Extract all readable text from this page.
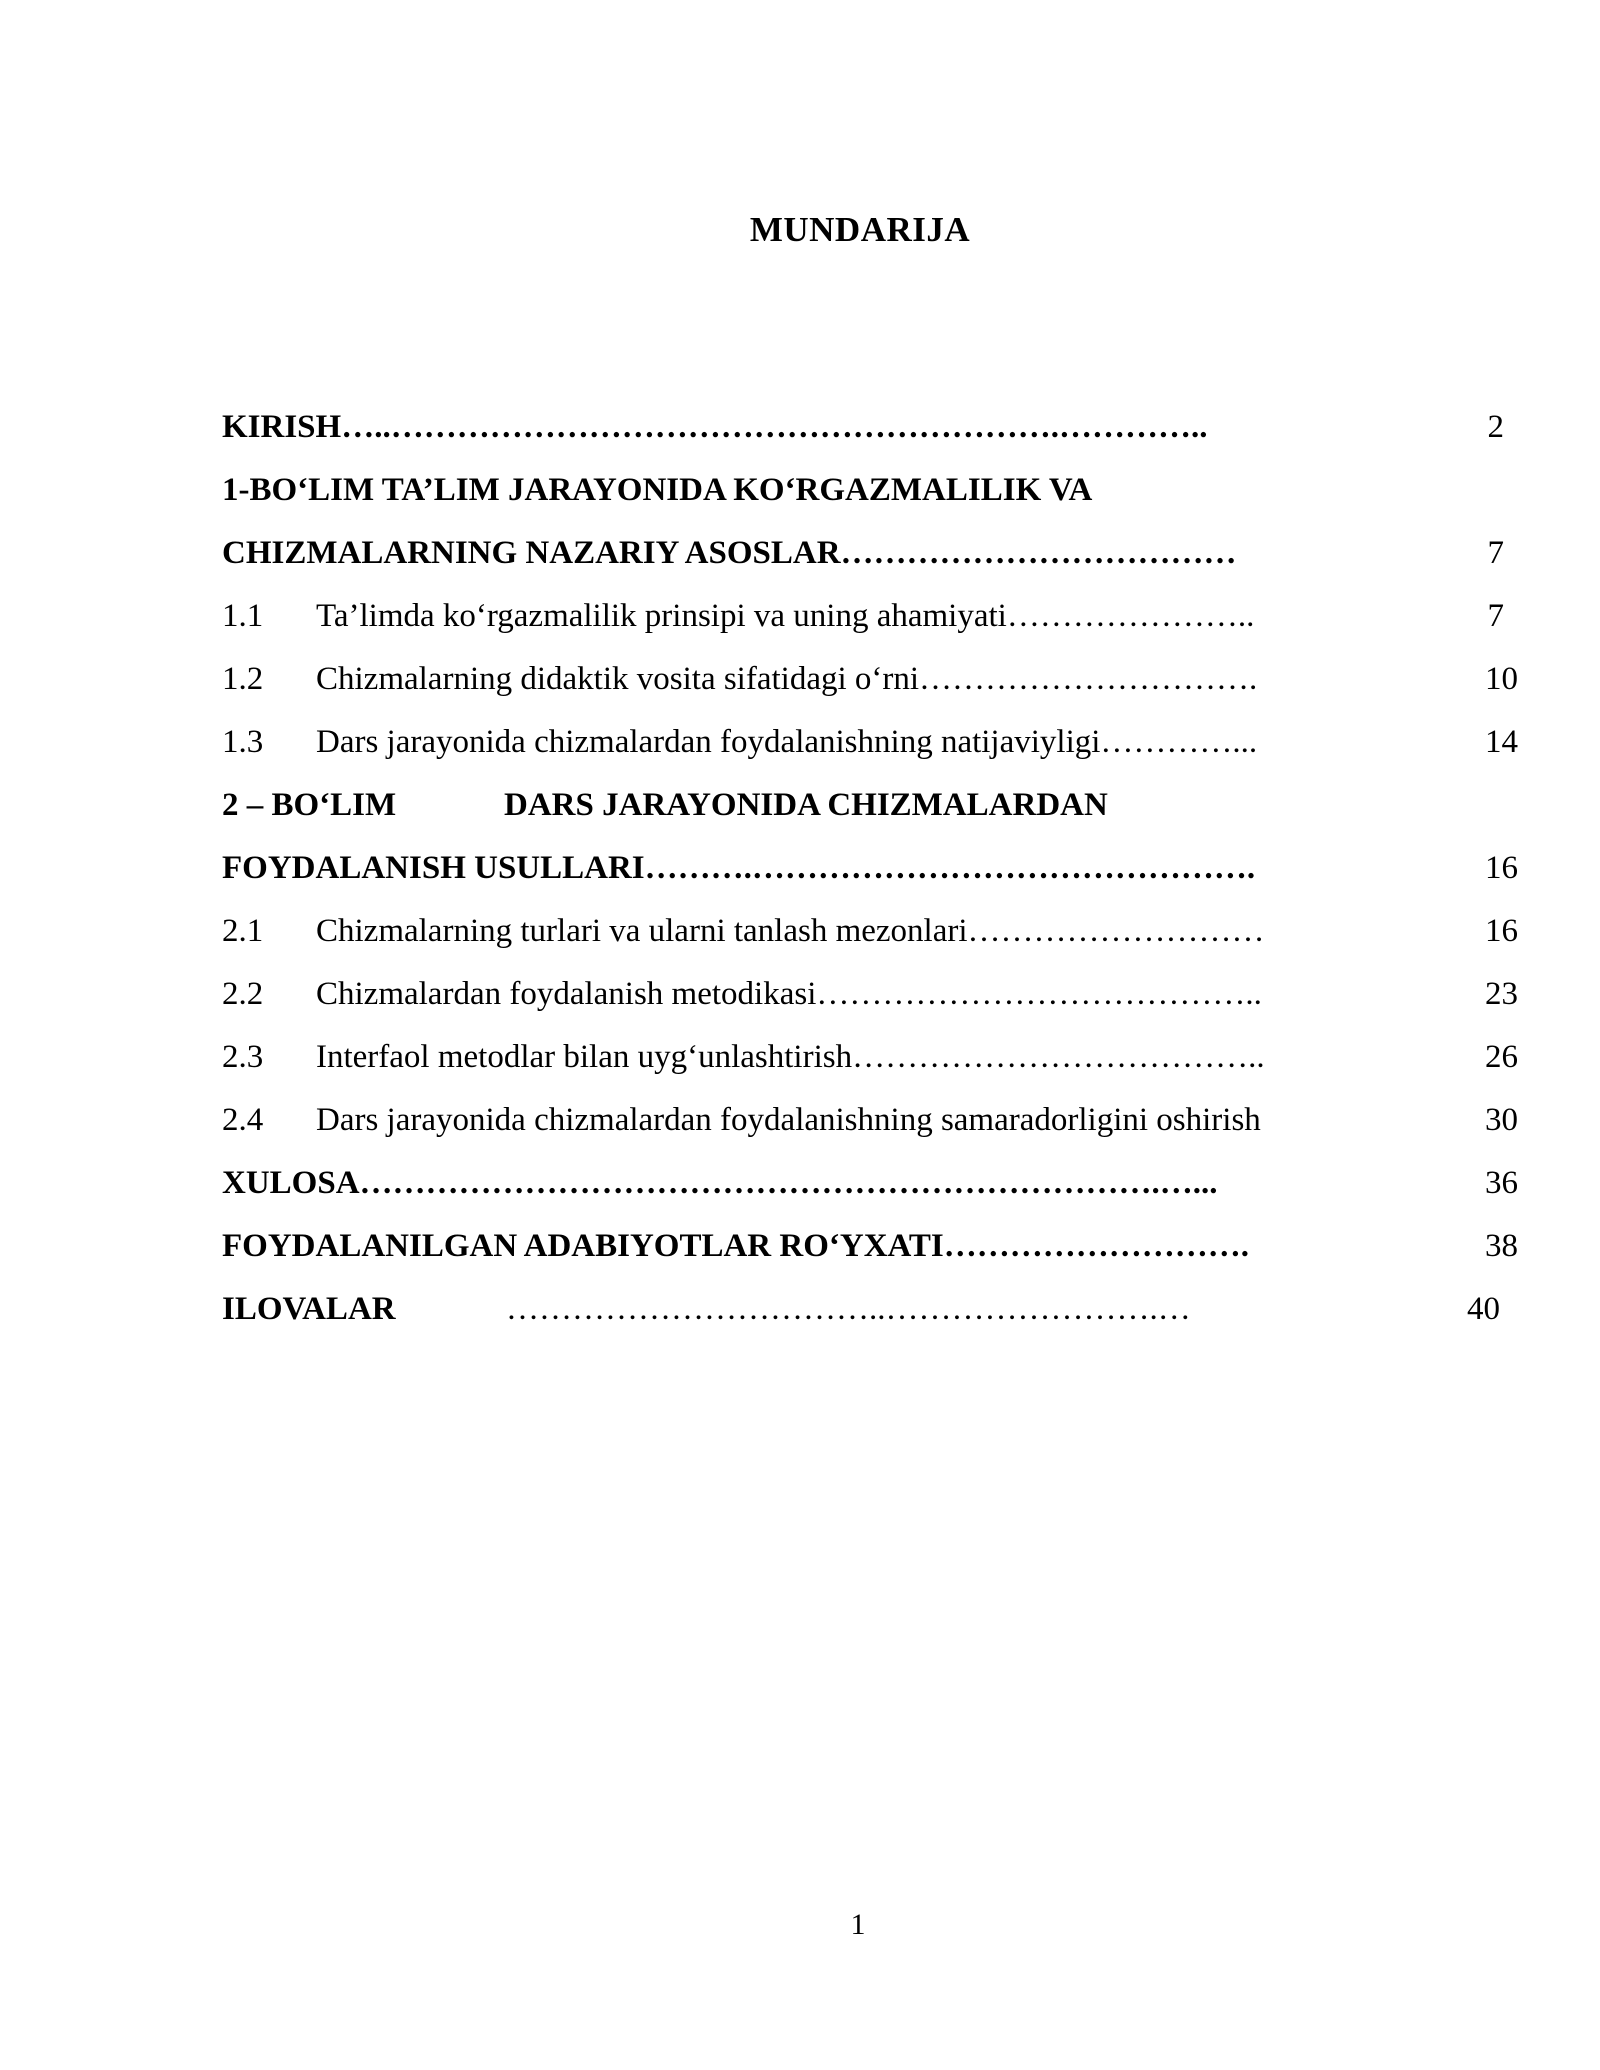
MUNDARIJA
KIRISH…..…………………………………………………….…………..	2
1-BO‘LIM TA’LIM JARAYONIDA KO‘RGAZMALILIK VA
CHIZMALARNING NAZARIY ASOSLAR………………………………	7
1.1	Ta’limda ko‘rgazmalilik prinsipi va uning ahamiyati…………………..	7
1.2	Chizmalarning didaktik vosita sifatidagi o‘rni………………………….	10
1.3	Dars jarayonida chizmalardan foydalanishning natijaviyligi…………...	14
2 – BO‘LIM	DARS JARAYONIDA CHIZMALARDAN
FOYDALANISH USULLARI……….……………………………………….	16
2.1	Chizmalarning turlari va ularni tanlash mezonlari………………………	16
2.2	Chizmalardan foydalanish metodikasi…………………………………..	23
2.3	Interfaol metodlar bilan uyg‘unlashtirish………………………………..	26
2.4	Dars jarayonida chizmalardan foydalanishning samaradorligini oshirish	30
XULOSA……………………………………………………………….…...	36
FOYDALANILGAN ADABIYOTLAR RO‘YXATI……………………….	38
ILOVALAR	……………………………..…………………….…	40
1
